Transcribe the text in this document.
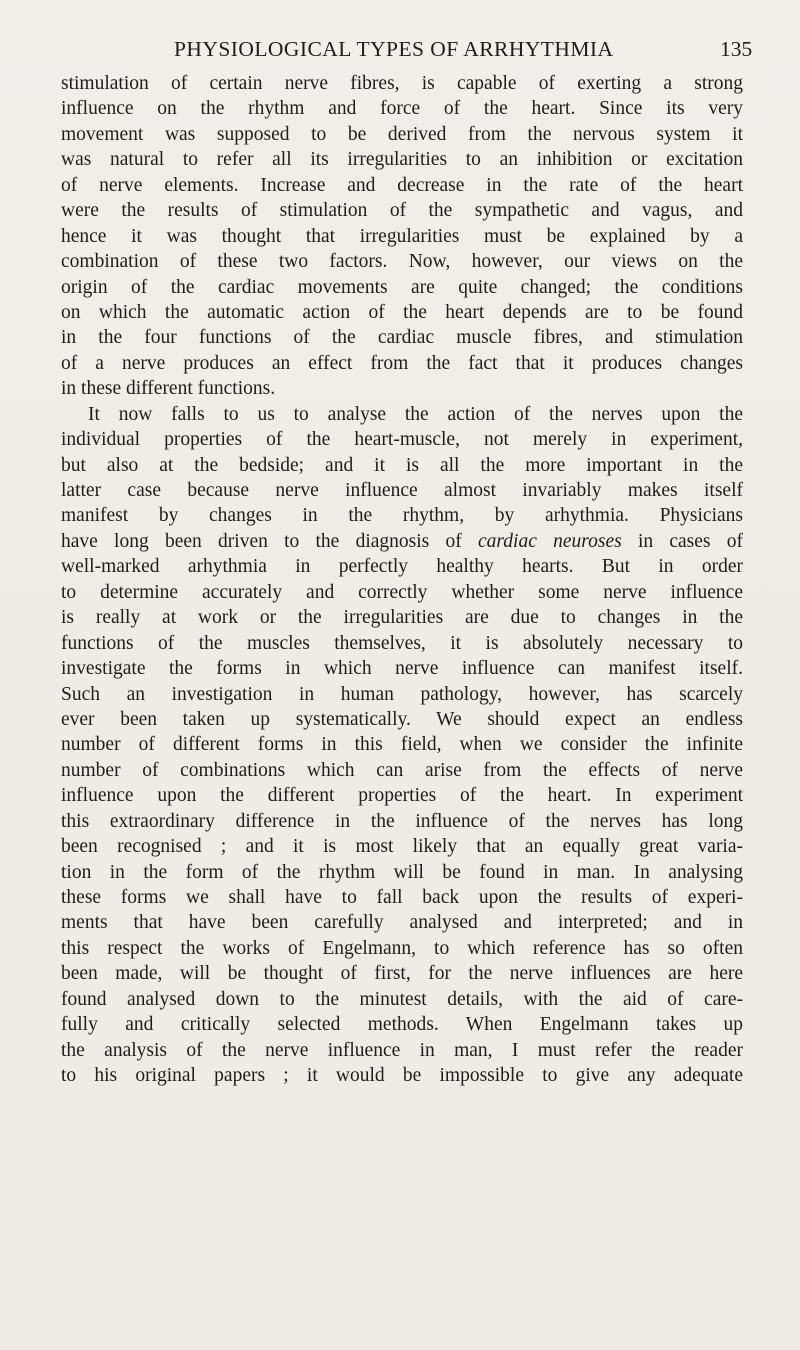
PHYSIOLOGICAL TYPES OF ARRHYTHMIA	135
stimulation of certain nerve fibres, is capable of exerting a strong
influence on the rhythm and force of the heart. Since its very
movement was supposed to be derived from the nervous system it
was natural to refer all its irregularities to an inhibition or excitation
of nerve elements. Increase and decrease in the rate of the heart
were the results of stimulation of the sympathetic and vagus, and
hence it was thought that irregularities must be explained by a
combination of these two factors. Now, however, our views on the
origin of the cardiac movements are quite changed; the conditions
on which the automatic action of the heart depends are to be found
in the four functions of the cardiac muscle fibres, and stimulation
of a nerve produces an effect from the fact that it produces changes
in these different functions.
It now falls to us to analyse the action of the nerves upon the
individual properties of the heart-muscle, not merely in experiment,
but also at the bedside; and it is all the more important in the
latter case because nerve influence almost invariably makes itself
manifest by changes in the rhythm, by arhythmia. Physicians
have long been driven to the diagnosis of cardiac neuroses in cases of
well-marked arhythmia in perfectly healthy hearts. But in order
to determine accurately and correctly whether some nerve influence
is really at work or the irregularities are due to changes in the
functions of the muscles themselves, it is absolutely necessary to
investigate the forms in which nerve influence can manifest itself.
Such an investigation in human pathology, however, has scarcely
ever been taken up systematically. We should expect an endless
number of different forms in this field, when we consider the infinite
number of combinations which can arise from the effects of nerve
influence upon the different properties of the heart. In experiment
this extraordinary difference in the influence of the nerves has long
been recognised ; and it is most likely that an equally great varia-
tion in the form of the rhythm will be found in man. In analysing
these forms we shall have to fall back upon the results of experi-
ments that have been carefully analysed and interpreted; and in
this respect the works of Engelmann, to which reference has so often
been made, will be thought of first, for the nerve influences are here
found analysed down to the minutest details, with the aid of care-
fully and critically selected methods. When Engelmann takes up
the analysis of the nerve influence in man, I must refer the reader
to his original papers ; it would be impossible to give any adequate
